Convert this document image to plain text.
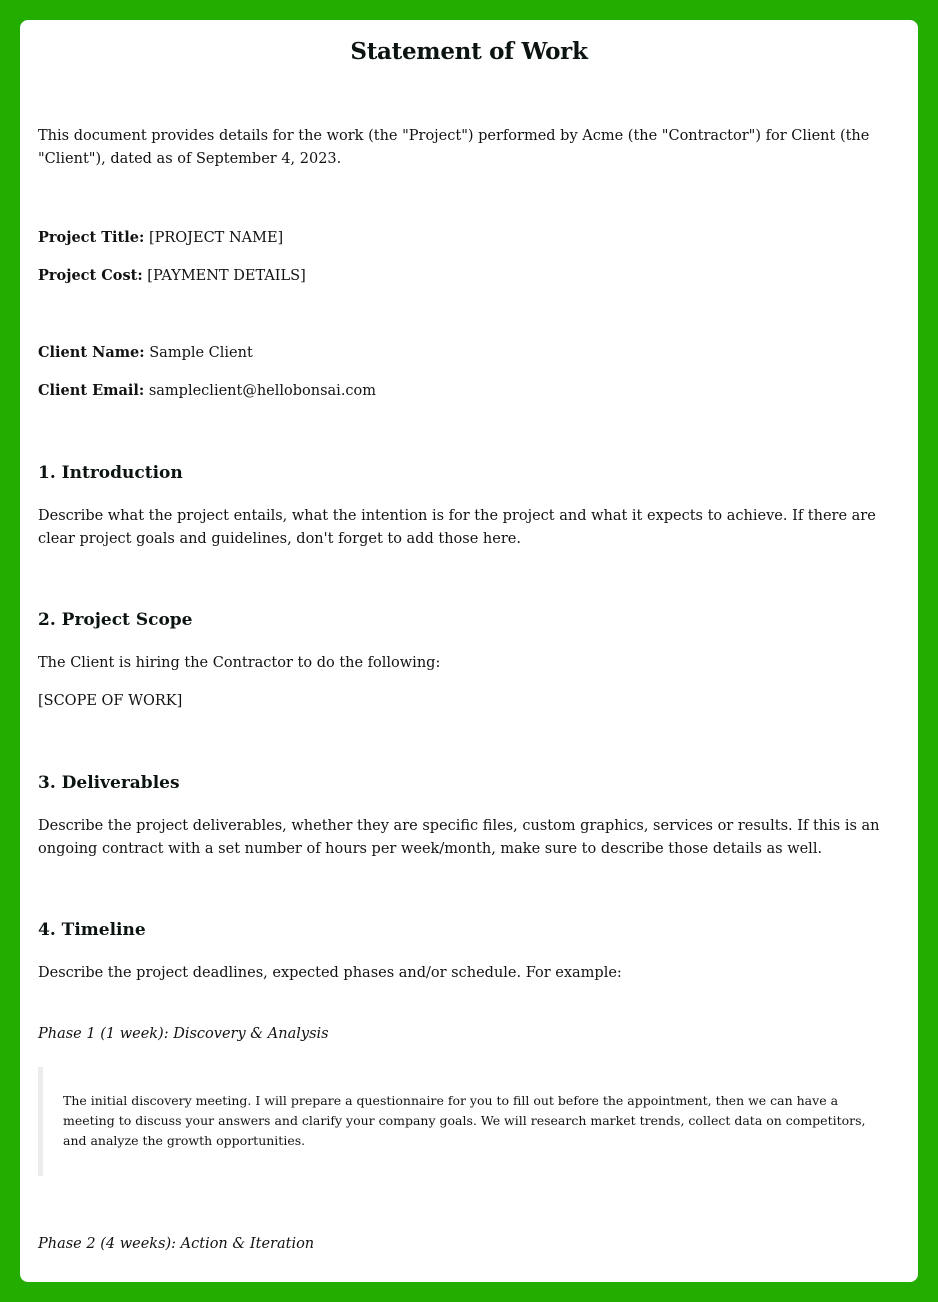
Statement of Work

This document provides details for the work (the "Project") performed by Acme (the "Contractor") for Client (the "Client"), dated as of September 4, 2023.

Project Title: [PROJECT NAME]

Project Cost: [PAYMENT DETAILS]

Client Name: Sample Client

Client Email: sampleclient@hellobonsai.com

1. Introduction

Describe what the project entails, what the intention is for the project and what it expects to achieve. If there are clear project goals and guidelines, don't forget to add those here.

2. Project Scope

The Client is hiring the Contractor to do the following:

[SCOPE OF WORK]

3. Deliverables

Describe the project deliverables, whether they are specific files, custom graphics, services or results. If this is an ongoing contract with a set number of hours per week/month, make sure to describe those details as well.

4. Timeline

Describe the project deadlines, expected phases and/or schedule. For example:

Phase 1 (1 week): Discovery & Analysis

The initial discovery meeting. I will prepare a questionnaire for you to fill out before the appointment, then we can have a meeting to discuss your answers and clarify your company goals. We will research market trends, collect data on competitors, and analyze the growth opportunities.

Phase 2 (4 weeks): Action & Iteration
